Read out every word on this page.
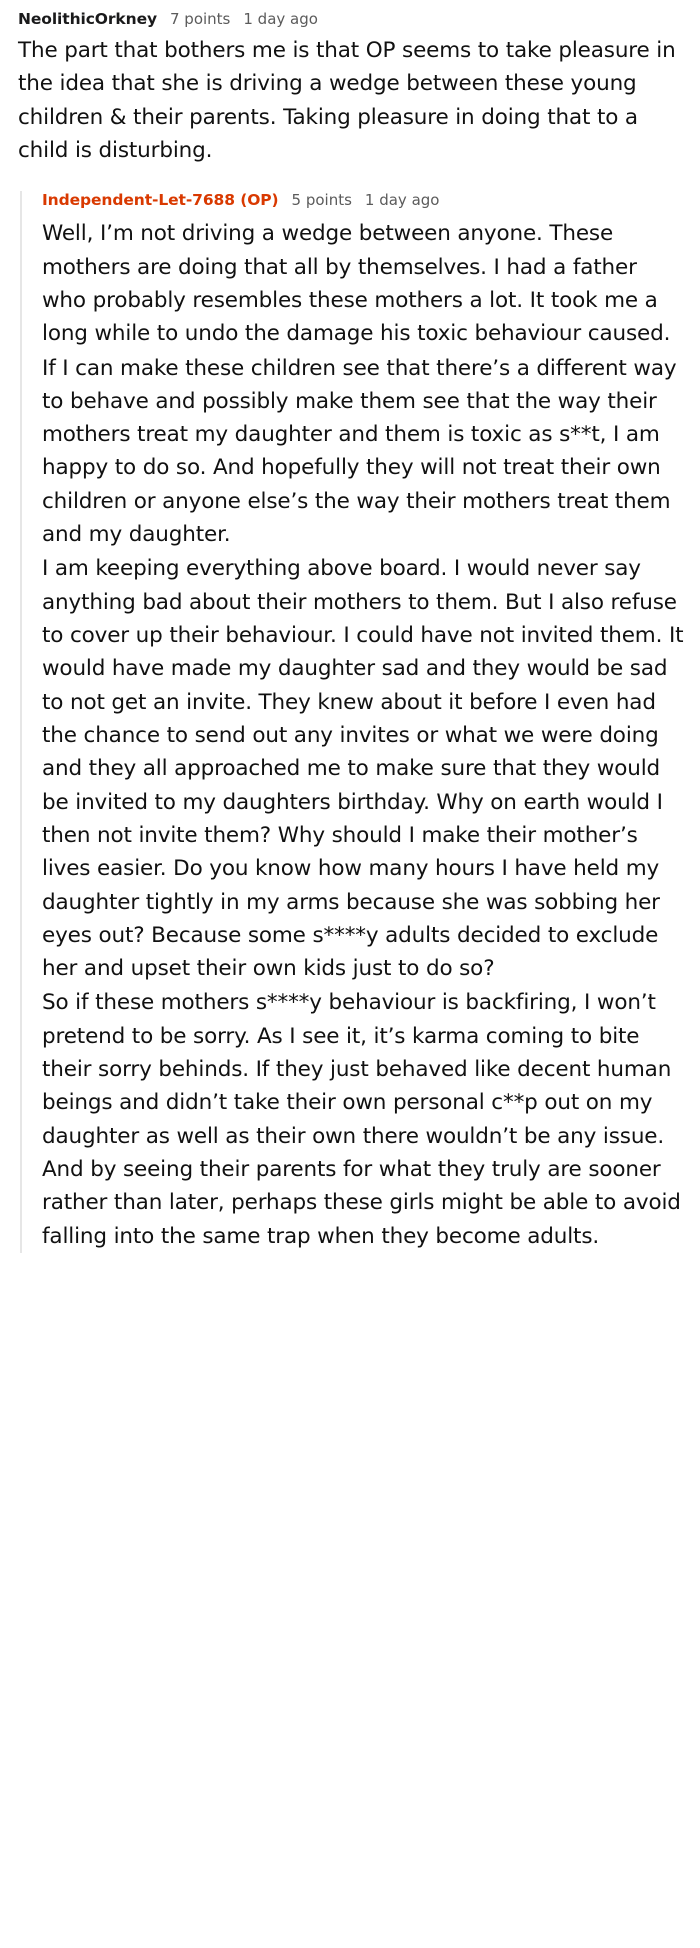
NeolithicOrkney 7 points 1 day ago

The part that bothers me is that OP seems to take pleasure in the idea that she is driving a wedge between these young children & their parents. Taking pleasure in doing that to a child is disturbing.

Independent-Let-7688 (OP) 5 points 1 day ago

Well, I’m not driving a wedge between anyone. These mothers are doing that all by themselves. I had a father who probably resembles these mothers a lot. It took me a long while to undo the damage his toxic behaviour caused.

If I can make these children see that there’s a different way to behave and possibly make them see that the way their mothers treat my daughter and them is toxic as s**t, I am happy to do so. And hopefully they will not treat their own children or anyone else’s the way their mothers treat them and my daughter.

I am keeping everything above board. I would never say anything bad about their mothers to them. But I also refuse to cover up their behaviour. I could have not invited them. It would have made my daughter sad and they would be sad to not get an invite. They knew about it before I even had the chance to send out any invites or what we were doing and they all approached me to make sure that they would be invited to my daughters birthday. Why on earth would I then not invite them? Why should I make their mother’s lives easier. Do you know how many hours I have held my daughter tightly in my arms because she was sobbing her eyes out? Because some s****y adults decided to exclude her and upset their own kids just to do so?

So if these mothers s****y behaviour is backfiring, I won’t pretend to be sorry. As I see it, it’s karma coming to bite their sorry behinds. If they just behaved like decent human beings and didn’t take their own personal c**p out on my daughter as well as their own there wouldn’t be any issue. And by seeing their parents for what they truly are sooner rather than later, perhaps these girls might be able to avoid falling into the same trap when they become adults.
